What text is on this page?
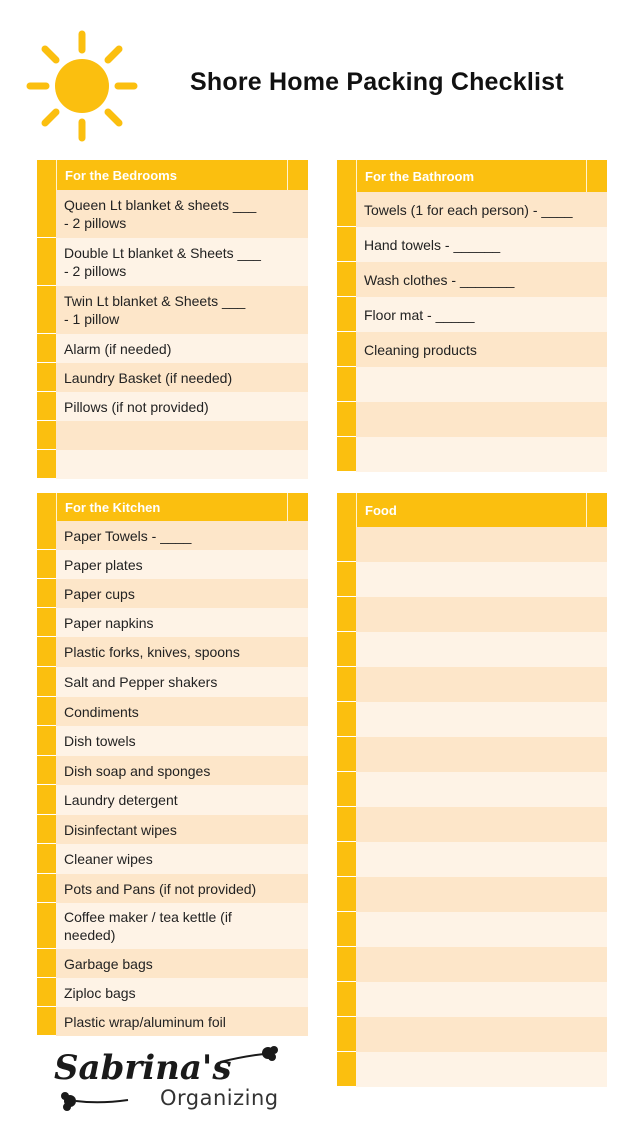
Shore Home Packing Checklist
For the Bedrooms
Queen Lt blanket & sheets ___
- 2 pillows
Double Lt blanket & Sheets ___
- 2 pillows
Twin Lt blanket & Sheets ___
- 1 pillow
Alarm (if needed)
Laundry Basket (if needed)
Pillows (if not provided)
For the Bathroom
Towels (1 for each person) - ____
Hand towels - ______
Wash clothes - _______
Floor mat - _____
Cleaning products
For the Kitchen
Paper Towels - ____
Paper plates
Paper cups
Paper napkins
Plastic forks, knives, spoons
Salt and Pepper shakers
Condiments
Dish towels
Dish soap and sponges
Laundry detergent
Disinfectant wipes
Cleaner wipes
Pots and Pans (if not provided)
Coffee maker / tea kettle (if
needed)
Garbage bags
Ziploc bags
Plastic wrap/aluminum foil
Food
Sabrina's
Organizing
